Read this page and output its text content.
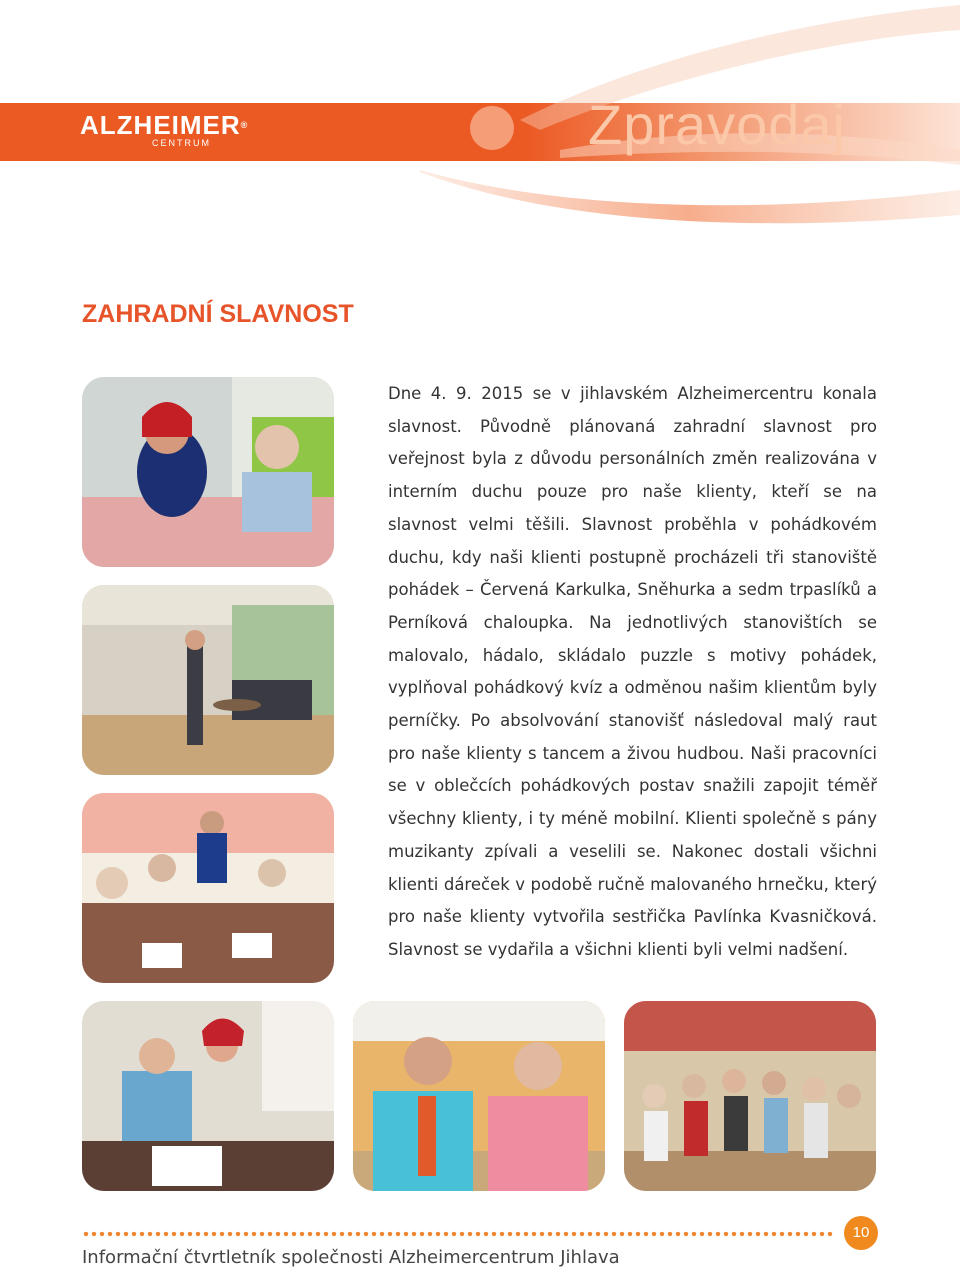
ALZHEIMER®
CENTRUM	Zpravodaj
ZAHRADNÍ SLAVNOST

Dne 4. 9. 2015 se v jihlavském Alzheimercentru konala slavnost. Původně plánovaná zahradní slavnost pro veřejnost byla z důvodu personálních změn realizována v interním duchu pouze pro naše klienty, kteří se na slavnost velmi těšili. Slavnost proběhla v pohádkovém duchu, kdy naši klienti postupně procházeli tři stanoviště pohádek – Červená Karkulka, Sněhurka a sedm trpaslíků a Perníková chaloupka. Na jednotlivých stanovištích se malovalo, hádalo, skládalo puzzle s motivy pohádek, vyplňoval pohádkový kvíz a odměnou našim klientům byly perníčky. Po absolvování stanovišť následoval malý raut pro naše klienty s tancem a živou hudbou. Naši pracovníci se v oblečcích pohádkových postav snažili zapojit téměř všechny klienty, i ty méně mobilní. Klienti společně s pány muzikanty zpívali a veselili se. Nakonec dostali všichni klienti dáreček v podobě ručně malovaného hrnečku, který pro naše klienty vytvořila sestřička Pavlínka Kvasničková. Slavnost se vydařila a všichni klienti byli velmi nadšení.

10
Informační čtvrtletník společnosti Alzheimercentrum Jihlava
